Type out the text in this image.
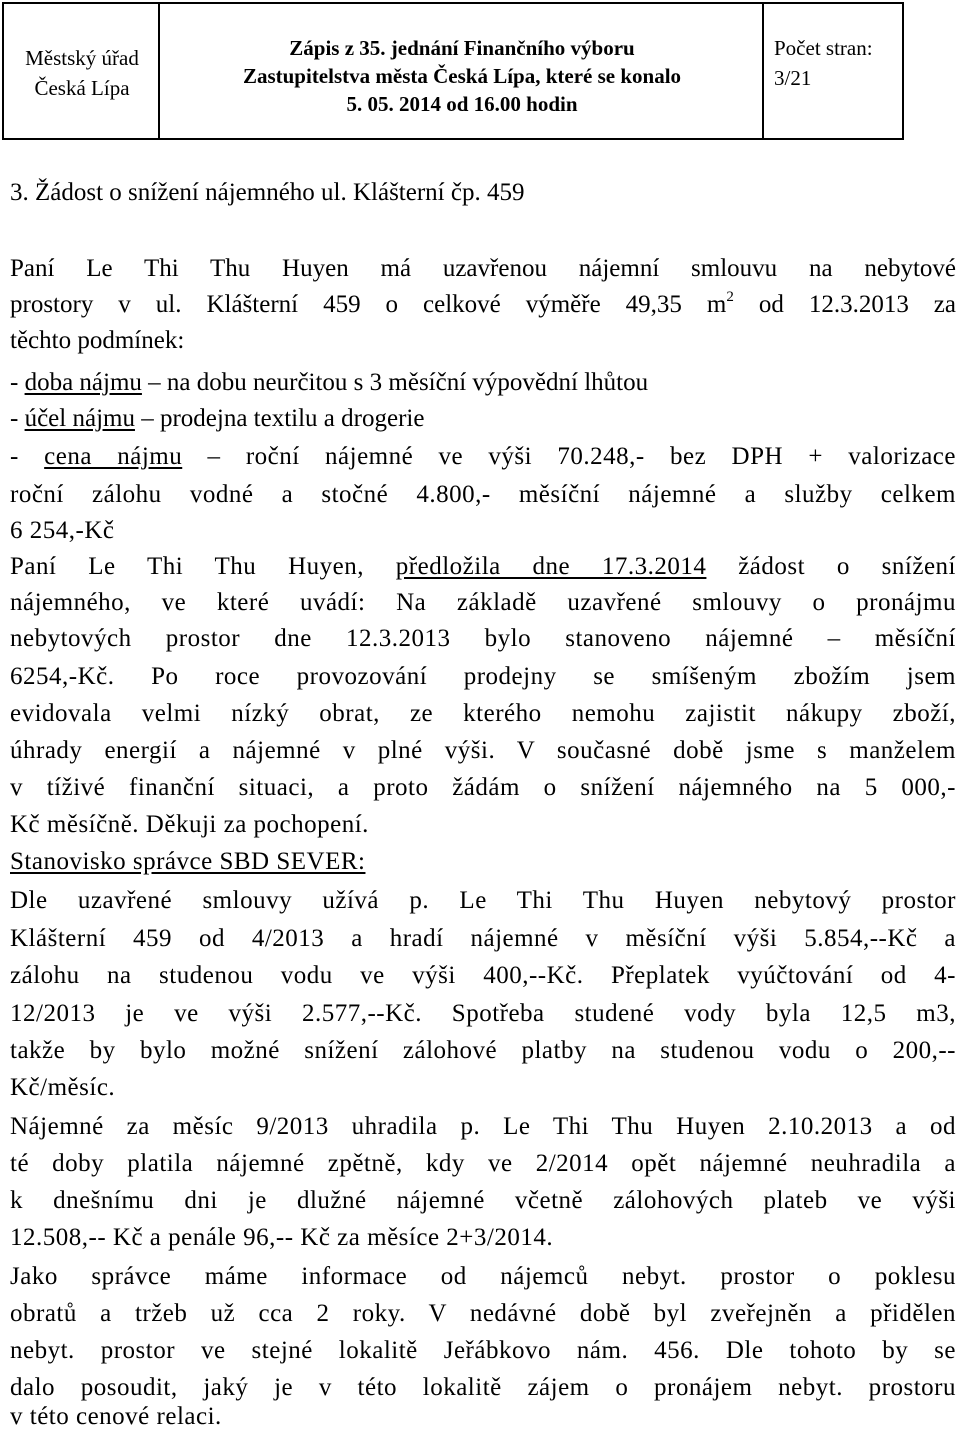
Městský úřad
Česká Lípa
Zápis z 35. jednání Finančního výboru
Zastupitelstva města Česká Lípa, které se konalo
5. 05. 2014 od 16.00 hodin
Počet stran:
3/21
3. Žádost o snížení nájemného ul. Klášterní čp. 459
Paní Le Thi Thu Huyen má uzavřenou nájemní smlouvu na nebytové
prostory v ul. Klášterní 459 o celkové výměře 49,35 $m^2$ od 12.3.2013 za
těchto podmínek:
- doba nájmu – na dobu neurčitou s 3 měsíční výpovědní lhůtou
- účel nájmu – prodejna textilu a drogerie
- cena nájmu – roční nájemné ve výši 70.248,- bez DPH + valorizace
roční zálohu vodné a stočné 4.800,- měsíční nájemné a služby celkem
6 254,-Kč
Paní Le Thi Thu Huyen, předložila dne 17.3.2014 žádost o snížení
nájemného, ve které uvádí: Na základě uzavřené smlouvy o pronájmu
nebytových prostor dne 12.3.2013 bylo stanoveno nájemné – měsíční
6254,-Kč. Po roce provozování prodejny se smíšeným zbožím jsem
evidovala velmi nízký obrat, ze kterého nemohu zajistit nákupy zboží,
úhrady energií a nájemné v plné výši. V současné době jsme s manželem
v tíživé finanční situaci, a proto žádám o snížení nájemného na 5 000,-
Kč měsíčně. Děkuji za pochopení.
Stanovisko správce SBD SEVER:
Dle uzavřené smlouvy užívá p. Le Thi Thu Huyen nebytový prostor
Klášterní 459 od 4/2013 a hradí nájemné v měsíční výši 5.854,--Kč a
zálohu na studenou vodu ve výši 400,--Kč. Přeplatek vyúčtování od 4-
12/2013 je ve výši 2.577,--Kč. Spotřeba studené vody byla 12,5 m3,
takže by bylo možné snížení zálohové platby na studenou vodu o 200,--
Kč/měsíc.
Nájemné za měsíc 9/2013 uhradila p. Le Thi Thu Huyen 2.10.2013 a od
té doby platila nájemné zpětně, kdy ve 2/2014 opět nájemné neuhradila a
k dnešnímu dni je dlužné nájemné včetně zálohových plateb ve výši
12.508,-- Kč a penále 96,-- Kč za měsíce 2+3/2014.
Jako správce máme informace od nájemců nebyt. prostor o poklesu
obratů a tržeb už cca 2 roky. V nedávné době byl zveřejněn a přidělen
nebyt. prostor ve stejné lokalitě Jeřábkovo nám. 456. Dle tohoto by se
dalo posoudit, jaký je v této lokalitě zájem o pronájem nebyt. prostoru
v této cenové relaci.
